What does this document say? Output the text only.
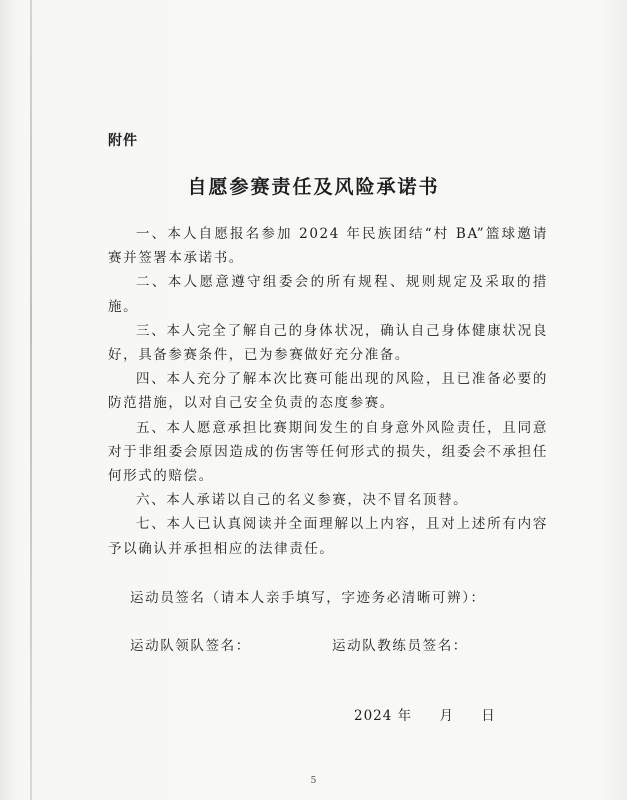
附件
自愿参赛责任及风险承诺书

一、本人自愿报名参加 2024 年民族团结“村 BA”篮球邀请赛并签署本承诺书。

二、本人愿意遵守组委会的所有规程、规则规定及采取的措施。

三、本人完全了解自己的身体状况，确认自己身体健康状况良好，具备参赛条件，已为参赛做好充分准备。

四、本人充分了解本次比赛可能出现的风险，且已准备必要的防范措施，以对自己安全负责的态度参赛。

五、本人愿意承担比赛期间发生的自身意外风险责任，且同意对于非组委会原因造成的伤害等任何形式的损失，组委会不承担任何形式的赔偿。

六、本人承诺以自己的名义参赛，决不冒名顶替。

七、本人已认真阅读并全面理解以上内容，且对上述所有内容予以确认并承担相应的法律责任。

运动员签名（请本人亲手填写，字迹务必清晰可辨）：
运动队领队签名：	运动队教练员签名：
2024 年 月 日
5
